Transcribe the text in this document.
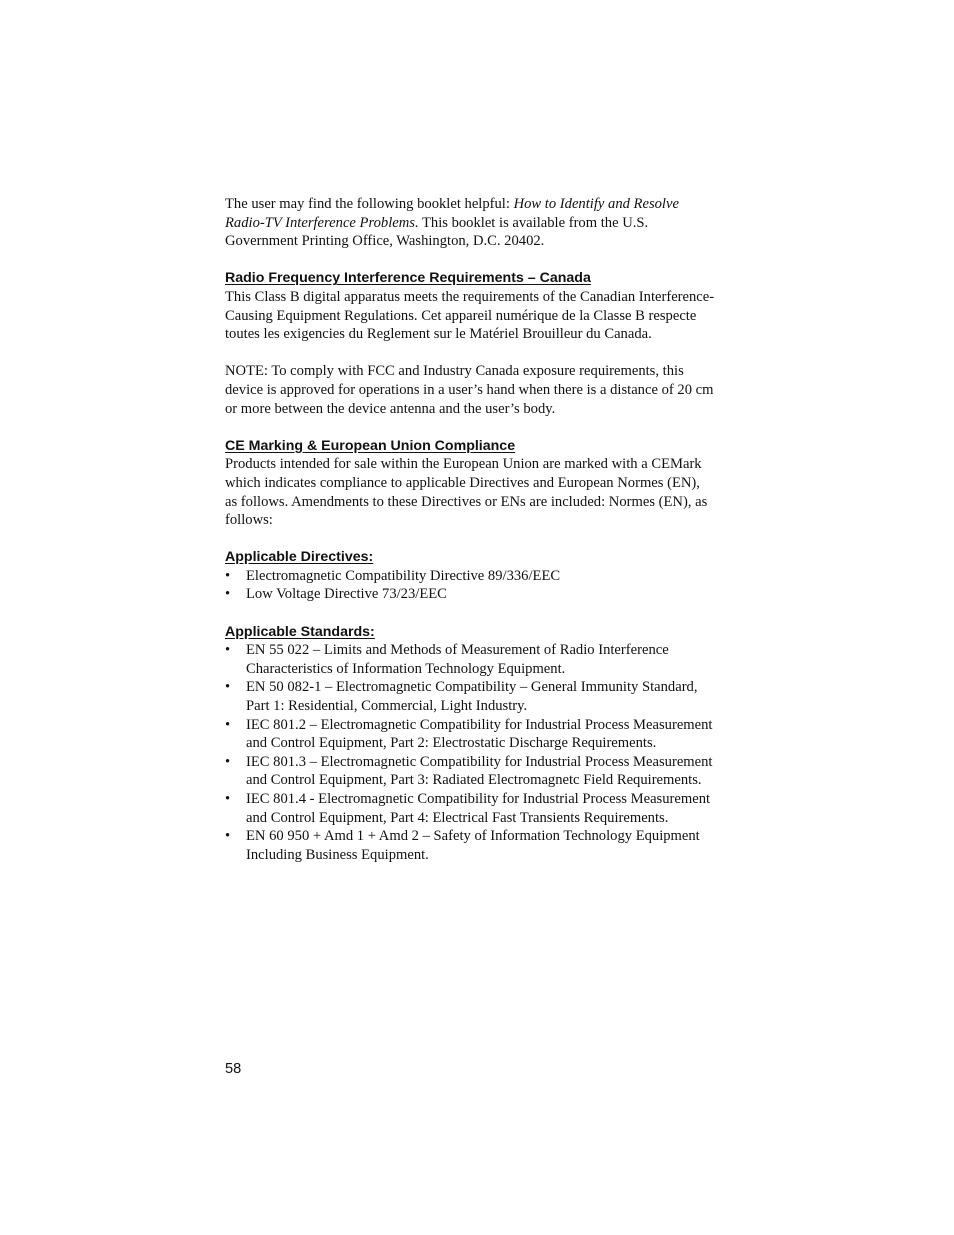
The user may find the following booklet helpful: How to Identify and Resolve Radio-TV Interference Problems. This booklet is available from the U.S. Government Printing Office, Washington, D.C. 20402.

Radio Frequency Interference Requirements – Canada

This Class B digital apparatus meets the requirements of the Canadian Interference-Causing Equipment Regulations. Cet appareil numérique de la Classe B respecte toutes les exigencies du Reglement sur le Matériel Brouilleur du Canada.

NOTE: To comply with FCC and Industry Canada exposure requirements, this device is approved for operations in a user’s hand when there is a distance of 20 cm or more between the device antenna and the user’s body.

CE Marking & European Union Compliance

Products intended for sale within the European Union are marked with a CEMark which indicates compliance to applicable Directives and European Normes (EN), as follows. Amendments to these Directives or ENs are included: Normes (EN), as follows:

Applicable Directives:
• Electromagnetic Compatibility Directive 89/336/EEC
• Low Voltage Directive 73/23/EEC
Applicable Standards:
• EN 55 022 – Limits and Methods of Measurement of Radio Interference Characteristics of Information Technology Equipment.
• EN 50 082-1 – Electromagnetic Compatibility – General Immunity Standard, Part 1: Residential, Commercial, Light Industry.
• IEC 801.2 – Electromagnetic Compatibility for Industrial Process Measurement and Control Equipment, Part 2: Electrostatic Discharge Requirements.
• IEC 801.3 – Electromagnetic Compatibility for Industrial Process Measurement and Control Equipment, Part 3: Radiated Electromagnetc Field Requirements.
• IEC 801.4 - Electromagnetic Compatibility for Industrial Process Measurement and Control Equipment, Part 4: Electrical Fast Transients Requirements.
• EN 60 950 + Amd 1 + Amd 2 – Safety of Information Technology Equipment Including Business Equipment.
58
